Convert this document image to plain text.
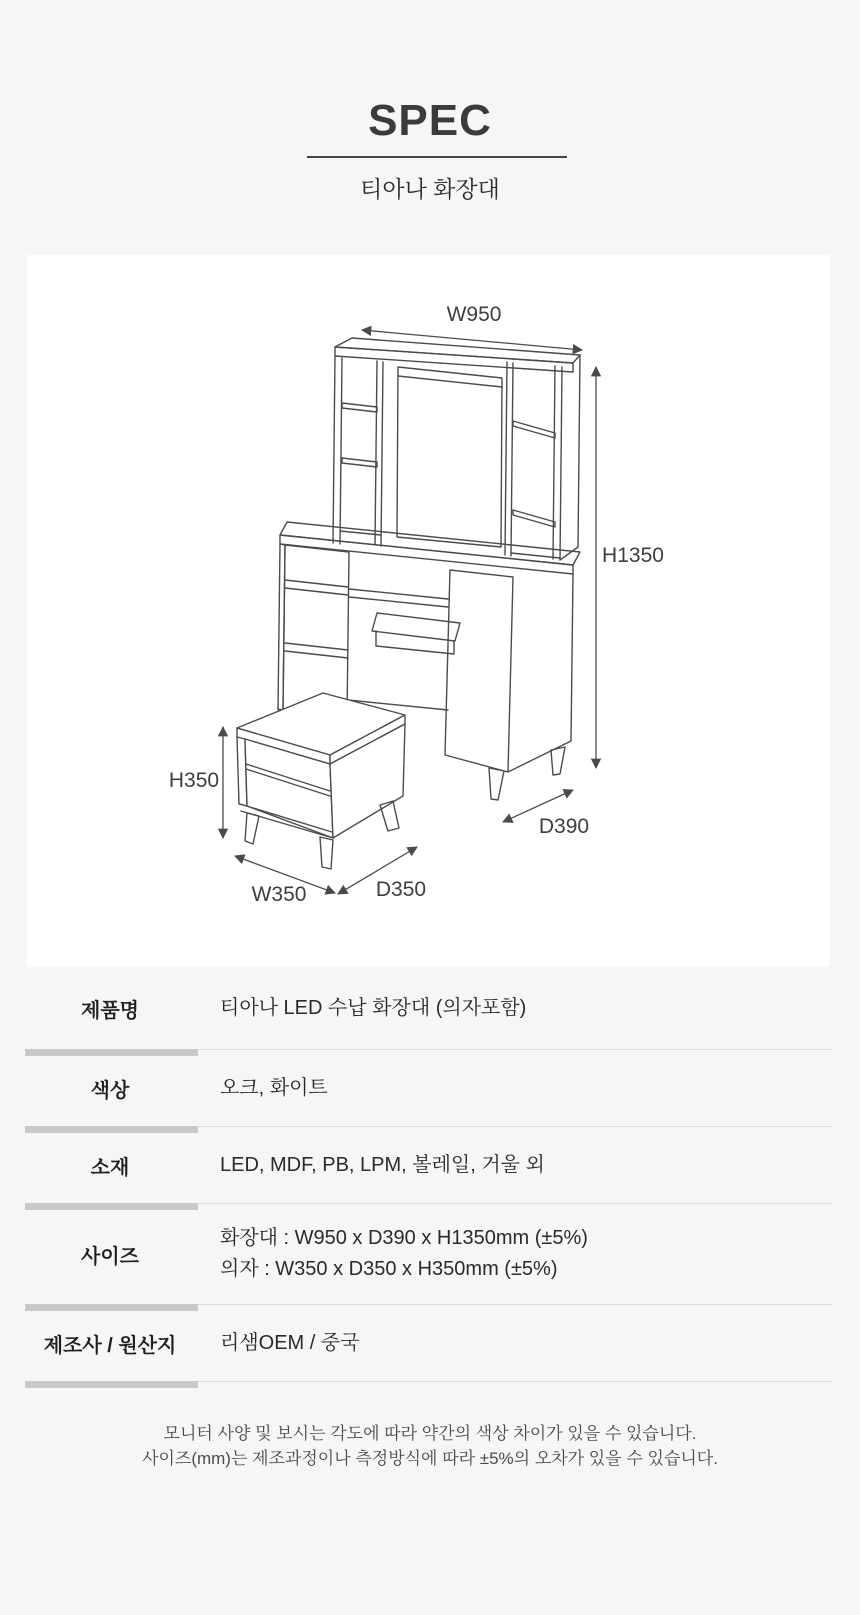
SPEC
티아나 화장대
W950
H1350
D390
H350
W350	D350
제품명	티아나 LED 수납 화장대 (의자포함)
색상	오크, 화이트
소재	LED, MDF, PB, LPM, 볼레일, 거울 외
사이즈
화장대 : W950 x D390 x H1350mm (±5%)
의자 : W350 x D350 x H350mm (±5%)
제조사 / 원산지	리샘OEM / 중국
모니터 사양 및 보시는 각도에 따라 약간의 색상 차이가 있을 수 있습니다.
사이즈(mm)는 제조과정이나 측정방식에 따라 ±5%의 오차가 있을 수 있습니다.
